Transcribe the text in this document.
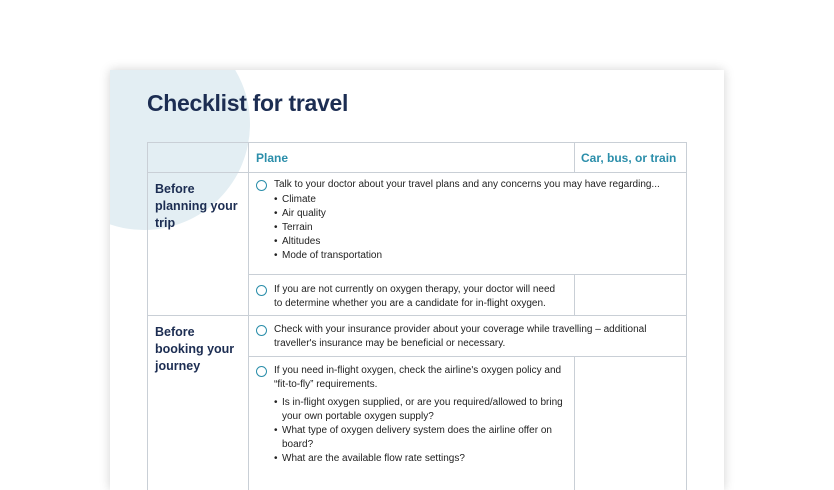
Checklist for travel
Plane	Car, bus, or train
Before planning your trip
Talk to your doctor about your travel plans and any concerns you may have regarding...
• Climate
• Air quality
• Terrain
• Altitudes
• Mode of transportation
If you are not currently on oxygen therapy, your doctor will need to determine whether you are a candidate for in-flight oxygen.
Before booking your journey
Check with your insurance provider about your coverage while travelling – additional traveller's insurance may be beneficial or necessary.
If you need in-flight oxygen, check the airline's oxygen policy and “fit-to-fly” requirements.
• Is in-flight oxygen supplied, or are you required/allowed to bring your own portable oxygen supply?
• What type of oxygen delivery system does the airline offer on board?
• What are the available flow rate settings?
